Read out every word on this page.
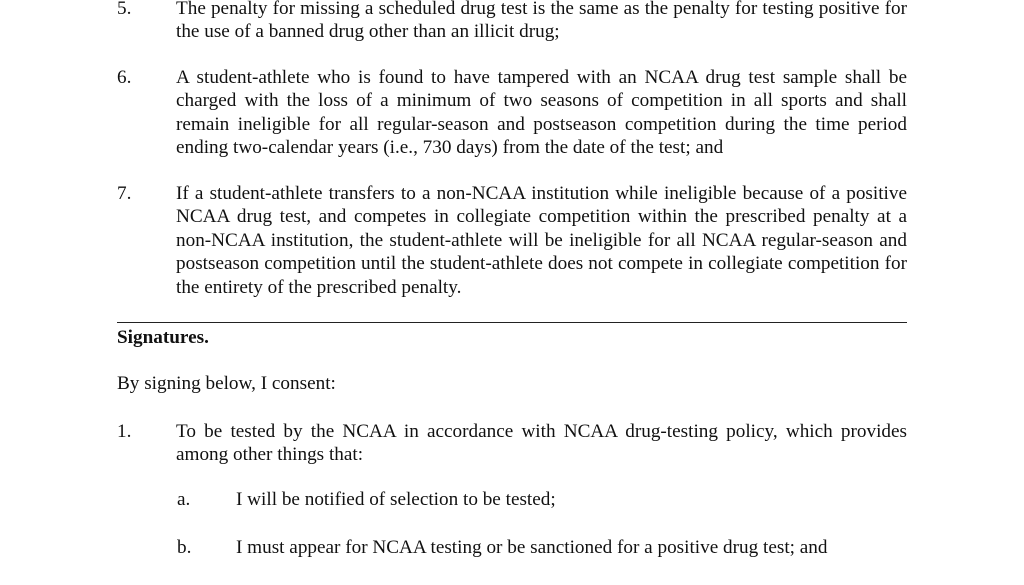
5. The penalty for missing a scheduled drug test is the same as the penalty for testing positive for the use of a banned drug other than an illicit drug;
6. A student-athlete who is found to have tampered with an NCAA drug test sample shall be charged with the loss of a minimum of two seasons of competition in all sports and shall remain ineligible for all regular-season and postseason competition during the time period ending two-calendar years (i.e., 730 days) from the date of the test; and
7. If a student-athlete transfers to a non-NCAA institution while ineligible because of a positive NCAA drug test, and competes in collegiate competition within the prescribed penalty at a non-NCAA institution, the student-athlete will be ineligible for all NCAA regular-season and postseason competition until the student-athlete does not compete in collegiate competition for the entirety of the prescribed penalty.
Signatures.
By signing below, I consent:
1. To be tested by the NCAA in accordance with NCAA drug-testing policy, which provides among other things that:
a. I will be notified of selection to be tested;
b. I must appear for NCAA testing or be sanctioned for a positive drug test; and
